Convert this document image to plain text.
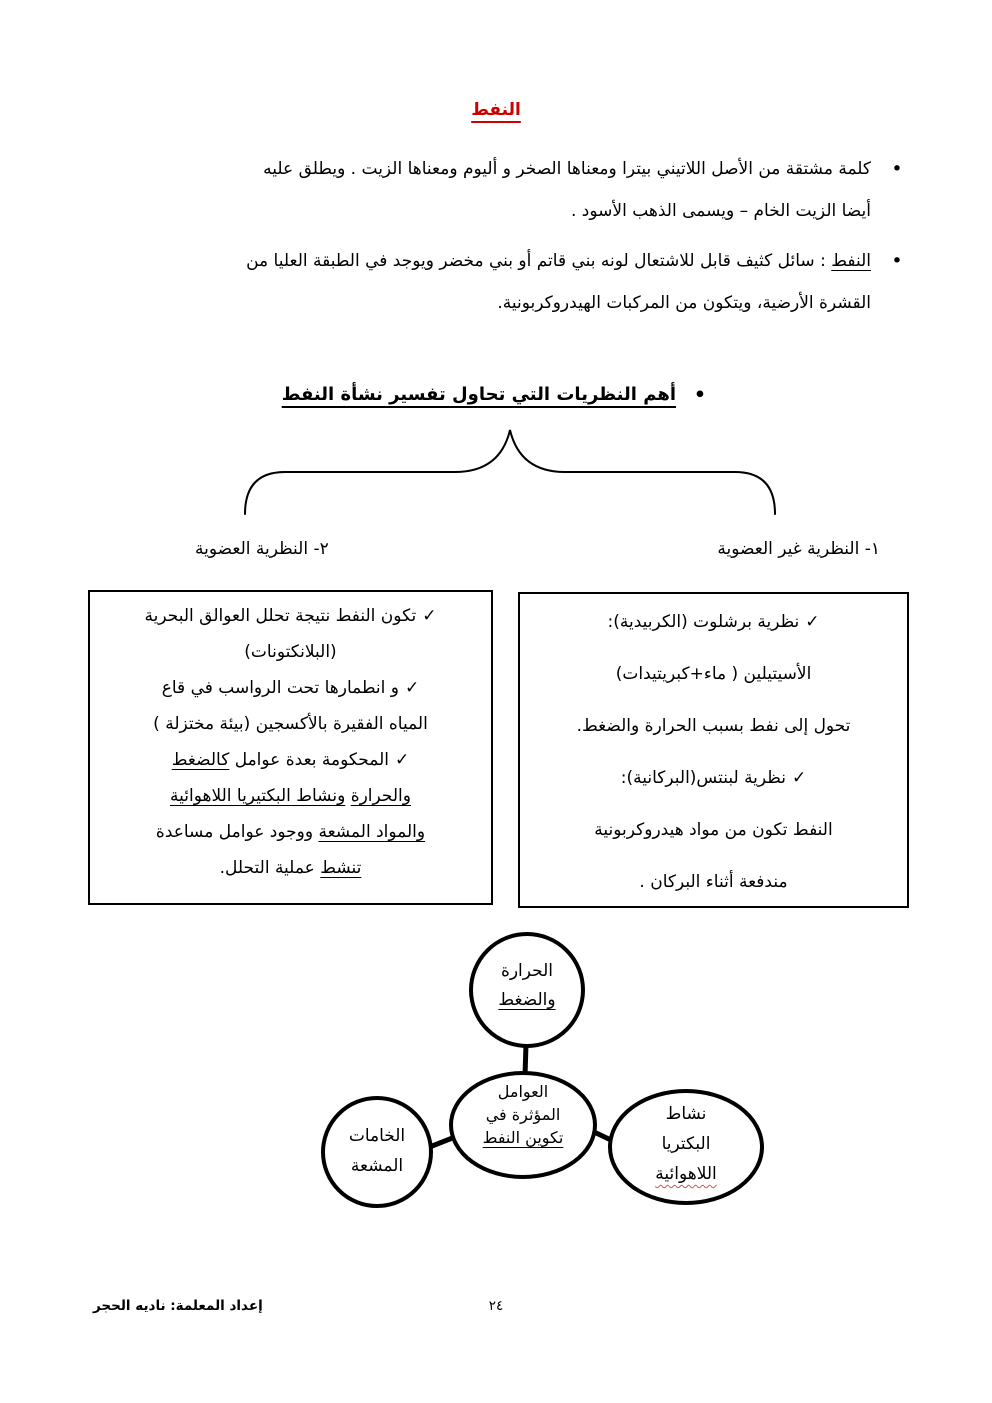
النفط
•
كلمة مشتقة من الأصل اللاتيني بيترا ومعناها الصخر و أليوم ومعناها الزيت . ويطلق عليه
أيضا الزيت الخام – ويسمى الذهب الأسود .
•
النفط : سائل كثيف قابل للاشتعال لونه بني قاتم أو بني مخضر ويوجد في الطبقة العليا من
القشرة الأرضية، ويتكون من المركبات الهيدروكربونية.
•
أهم النظريات التي تحاول تفسير نشأة النفط
١- النظرية غير العضوية
٢- النظرية العضوية
✓تكون النفط نتيجة تحلل العوالق البحرية
(البلانكتونات)
✓و انطمارها تحت الرواسب في قاع
المياه الفقيرة بالأكسجين (بيئة مختزلة )
✓المحكومة بعدة عوامل كالضغط
والحرارة ونشاط البكتيريا اللاهوائية
والمواد المشعة ووجود عوامل مساعدة
تنشط عملية التحلل.
✓نظرية برشلوت (الكربيدية):
الأسيتيلين ( ماء+كبريتيدات)
تحول إلى نفط بسبب الحرارة والضغط.
✓نظرية لبنتس(البركانية):
النفط تكون من مواد هيدروكربونية
مندفعة أثناء البركان .
الحرارة
والضغط
العوامل
المؤثرة في
تكوين النفط
الخامات
المشعة
نشاط
البكتريا
اللاهوائية
إعداد المعلمة: ناديه الحجر	٢٤
